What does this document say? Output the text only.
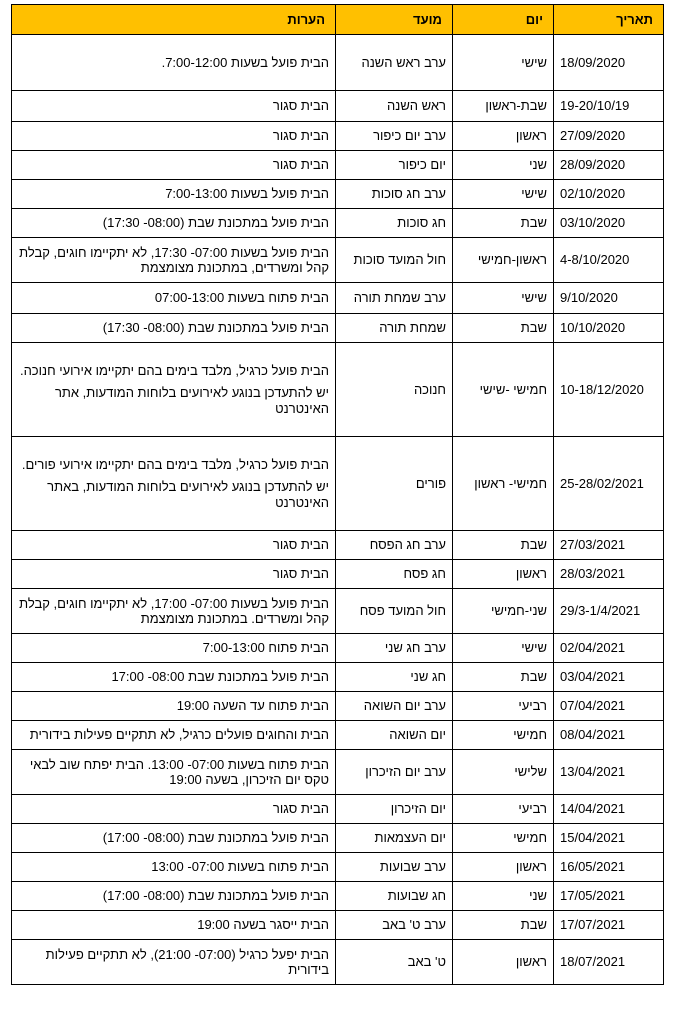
תאריך	יום	מועד	הערות
18/09/2020	שישי	ערב ראש השנה	הבית פועל בשעות 7:00-12:00.

19-20/10/19	שבת-ראשון	ראש השנה	הבית סגור

27/09/2020	ראשון	ערב יום כיפור	הבית סגור

28/09/2020	שני	יום כיפור	הבית סגור

02/10/2020	שישי	ערב חג סוכות	הבית פועל בשעות 7:00-13:00

03/10/2020	שבת	חג סוכות	הבית פועל במתכונת שבת (08:00- 17:30)

4-8/10/2020	ראשון-חמישי	חול המועד סוכות	הבית פועל בשעות 07:00- 17:30, לא יתקיימו חוגים, קבלת קהל ומשרדים, במתכונת מצומצמת

9/10/2020	שישי	ערב שמחת תורה	הבית פתוח בשעות 07:00-13:00

10/10/2020	שבת	שמחת תורה	הבית פועל במתכונת שבת (08:00- 17:30)

10-18/12/2020	חמישי -שישי	חנוכה	הבית פועל כרגיל, מלבד בימים בהם יתקיימו אירועי חנוכה.

יש להתעדכן בנוגע לאירועים בלוחות המודעות, אתר האינטרנט

25-28/02/2021	חמישי- ראשון	פורים	הבית פועל כרגיל, מלבד בימים בהם יתקיימו אירועי פורים.

יש להתעדכן בנוגע לאירועים בלוחות המודעות, באתר האינטרנט

27/03/2021	שבת	ערב חג הפסח	הבית סגור

28/03/2021	ראשון	חג פסח	הבית סגור

29/3-1/4/2021	שני-חמישי	חול המועד פסח	הבית פועל בשעות 07:00- 17:00, לא יתקיימו חוגים, קבלת קהל ומשרדים. במתכונת מצומצמת

02/04/2021	שישי	ערב חג שני	הבית פתוח 7:00-13:00

03/04/2021	שבת	חג שני	הבית פועל במתכונת שבת 08:00- 17:00

07/04/2021	רביעי	ערב יום השואה	הבית פתוח עד השעה 19:00

08/04/2021	חמישי	יום השואה	הבית והחוגים פועלים כרגיל, לא תתקיים פעילות בידורית

13/04/2021	שלישי	ערב יום הזיכרון	הבית פתוח בשעות 07:00- 13:00. הבית יפתח שוב לבאי טקס יום הזיכרון, בשעה 19:00

14/04/2021	רביעי	יום הזיכרון	הבית סגור

15/04/2021	חמישי	יום העצמאות	הבית פועל במתכונת שבת (08:00- 17:00)

16/05/2021	ראשון	ערב שבועות	הבית פתוח בשעות 07:00- 13:00

17/05/2021	שני	חג שבועות	הבית פועל במתכונת שבת (08:00- 17:00)

17/07/2021	שבת	ערב ט' באב	הבית ייסגר בשעה 19:00

18/07/2021	ראשון	ט' באב	הבית יפעל כרגיל (07:00- 21:00), לא תתקיים פעילות בידורית
